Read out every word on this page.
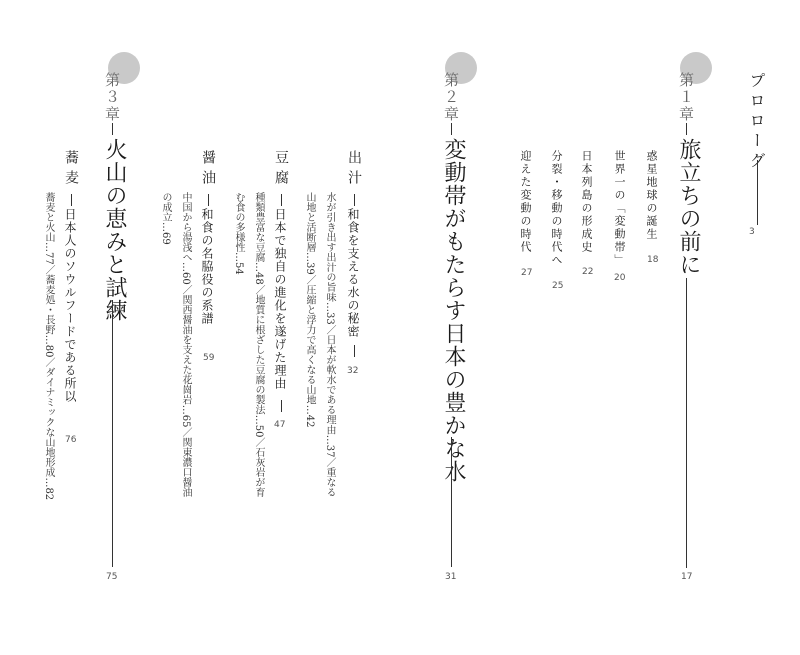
プロローグ
3
第１章
旅立ちの前に
17
惑星地球の誕生
18
世界一の「変動帯」
20
日本列島の形成史
22
分裂・移動の時代へ
25
迎えた変動の時代
27
第２章
変動帯がもたらす日本の豊かな水
31
出汁
和食を支える水の秘密
32
水が引き出す出汁の旨味…33／日本が軟水である理由…37／重なる
山地と活断層…39／圧縮と浮力で高くなる山地…42
第３章
火山の恵みと試練
75
豆腐
日本で独自の進化を遂げた理由
47
種類豊富な豆腐…48／地質に根ざした豆腐の製法…50／石灰岩が育
む食の多様性…54
醤油
和食の名脇役の系譜
59
中国から湯浅へ…60／関西醤油を支えた花崗岩…65／関東濃口醤油
の成立…69
蕎麦
日本人のソウルフードである所以
76
蕎麦と火山…77／蕎麦処・長野…80／ダイナミックな山地形成…82
